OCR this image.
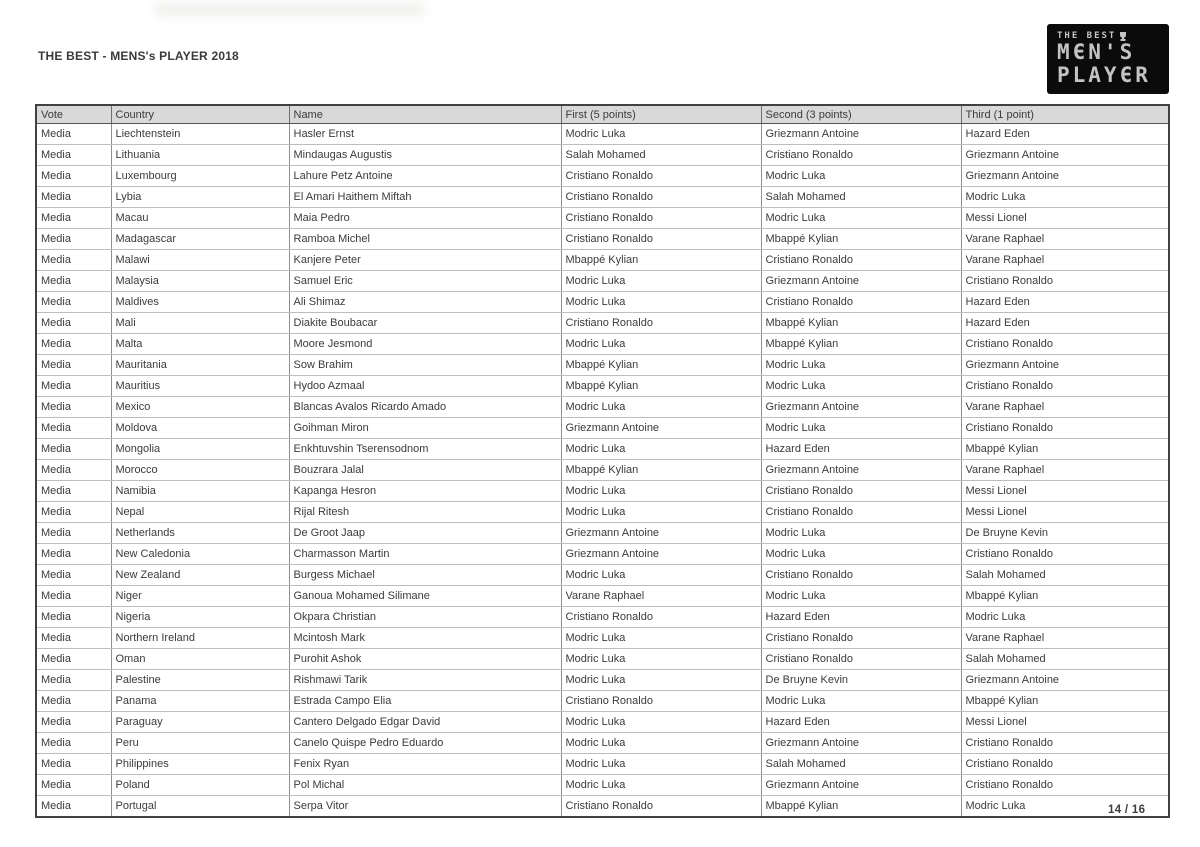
THE BEST - MENS's PLAYER 2018
THE BEST
MЄN'S
PLAYЄR
Vote	Country	Name	First (5 points)	Second (3 points)	Third (1 point)
Media	Liechtenstein	Hasler Ernst	Modric Luka	Griezmann Antoine	Hazard Eden
Media	Lithuania	Mindaugas Augustis	Salah Mohamed	Cristiano Ronaldo	Griezmann Antoine
Media	Luxembourg	Lahure Petz Antoine	Cristiano Ronaldo	Modric Luka	Griezmann Antoine
Media	Lybia	El Amari Haithem Miftah	Cristiano Ronaldo	Salah Mohamed	Modric Luka
Media	Macau	Maia Pedro	Cristiano Ronaldo	Modric Luka	Messi Lionel
Media	Madagascar	Ramboa Michel	Cristiano Ronaldo	Mbappé Kylian	Varane Raphael
Media	Malawi	Kanjere Peter	Mbappé Kylian	Cristiano Ronaldo	Varane Raphael
Media	Malaysia	Samuel Eric	Modric Luka	Griezmann Antoine	Cristiano Ronaldo
Media	Maldives	Ali Shimaz	Modric Luka	Cristiano Ronaldo	Hazard Eden
Media	Mali	Diakite Boubacar	Cristiano Ronaldo	Mbappé Kylian	Hazard Eden
Media	Malta	Moore Jesmond	Modric Luka	Mbappé Kylian	Cristiano Ronaldo
Media	Mauritania	Sow Brahim	Mbappé Kylian	Modric Luka	Griezmann Antoine
Media	Mauritius	Hydoo Azmaal	Mbappé Kylian	Modric Luka	Cristiano Ronaldo
Media	Mexico	Blancas Avalos Ricardo Amado	Modric Luka	Griezmann Antoine	Varane Raphael
Media	Moldova	Goihman Miron	Griezmann Antoine	Modric Luka	Cristiano Ronaldo
Media	Mongolia	Enkhtuvshin Tserensodnom	Modric Luka	Hazard Eden	Mbappé Kylian
Media	Morocco	Bouzrara Jalal	Mbappé Kylian	Griezmann Antoine	Varane Raphael
Media	Namibia	Kapanga Hesron	Modric Luka	Cristiano Ronaldo	Messi Lionel
Media	Nepal	Rijal Ritesh	Modric Luka	Cristiano Ronaldo	Messi Lionel
Media	Netherlands	De Groot Jaap	Griezmann Antoine	Modric Luka	De Bruyne Kevin
Media	New Caledonia	Charmasson Martin	Griezmann Antoine	Modric Luka	Cristiano Ronaldo
Media	New Zealand	Burgess Michael	Modric Luka	Cristiano Ronaldo	Salah Mohamed
Media	Niger	Ganoua Mohamed Silimane	Varane Raphael	Modric Luka	Mbappé Kylian
Media	Nigeria	Okpara Christian	Cristiano Ronaldo	Hazard Eden	Modric Luka
Media	Northern Ireland	Mcintosh Mark	Modric Luka	Cristiano Ronaldo	Varane Raphael
Media	Oman	Purohit Ashok	Modric Luka	Cristiano Ronaldo	Salah Mohamed
Media	Palestine	Rishmawi Tarik	Modric Luka	De Bruyne Kevin	Griezmann Antoine
Media	Panama	Estrada Campo Elia	Cristiano Ronaldo	Modric Luka	Mbappé Kylian
Media	Paraguay	Cantero Delgado Edgar David	Modric Luka	Hazard Eden	Messi Lionel
Media	Peru	Canelo Quispe Pedro Eduardo	Modric Luka	Griezmann Antoine	Cristiano Ronaldo
Media	Philippines	Fenix Ryan	Modric Luka	Salah Mohamed	Cristiano Ronaldo
Media	Poland	Pol Michal	Modric Luka	Griezmann Antoine	Cristiano Ronaldo
Media	Portugal	Serpa Vitor	Cristiano Ronaldo	Mbappé Kylian	Modric Luka	14 / 16
